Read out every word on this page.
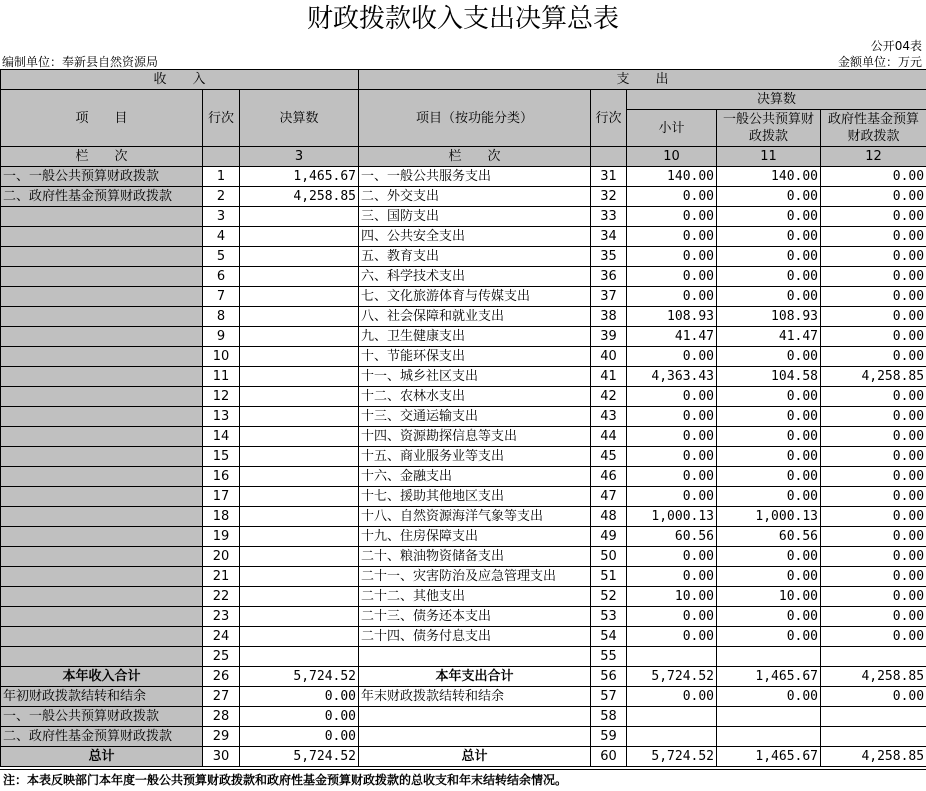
财政拨款收入支出决算总表
公开04表
编制单位：奉新县自然资源局	金额单位：万元
收　　入			支　　出				
项　　目	行次	决算数	项目（按功能分类）	行次	决算数		
					小计	一般公共预算财政拨款	政府性基金预算财政拨款
栏　　次		3	栏　　次		10	11	12
一、一般公共预算财政拨款	1	1,465.67	一、一般公共服务支出	31	140.00	140.00	0.00
二、政府性基金预算财政拨款	2	4,258.85	二、外交支出	32	0.00	0.00	0.00
	3		三、国防支出	33	0.00	0.00	0.00
	4		四、公共安全支出	34	0.00	0.00	0.00
	5		五、教育支出	35	0.00	0.00	0.00
	6		六、科学技术支出	36	0.00	0.00	0.00
	7		七、文化旅游体育与传媒支出	37	0.00	0.00	0.00
	8		八、社会保障和就业支出	38	108.93	108.93	0.00
	9		九、卫生健康支出	39	41.47	41.47	0.00
	10		十、节能环保支出	40	0.00	0.00	0.00
	11		十一、城乡社区支出	41	4,363.43	104.58	4,258.85
	12		十二、农林水支出	42	0.00	0.00	0.00
	13		十三、交通运输支出	43	0.00	0.00	0.00
	14		十四、资源勘探信息等支出	44	0.00	0.00	0.00
	15		十五、商业服务业等支出	45	0.00	0.00	0.00
	16		十六、金融支出	46	0.00	0.00	0.00
	17		十七、援助其他地区支出	47	0.00	0.00	0.00
	18		十八、自然资源海洋气象等支出	48	1,000.13	1,000.13	0.00
	19		十九、住房保障支出	49	60.56	60.56	0.00
	20		二十、粮油物资储备支出	50	0.00	0.00	0.00
	21		二十一、灾害防治及应急管理支出	51	0.00	0.00	0.00
	22		二十二、其他支出	52	10.00	10.00	0.00
	23		二十三、债务还本支出	53	0.00	0.00	0.00
	24		二十四、债务付息支出	54	0.00	0.00	0.00
	25			55			
本年收入合计	26	5,724.52	本年支出合计	56	5,724.52	1,465.67	4,258.85
年初财政拨款结转和结余	27	0.00	年末财政拨款结转和结余	57	0.00	0.00	0.00
一、一般公共预算财政拨款	28	0.00		58			
二、政府性基金预算财政拨款	29	0.00		59			
总计	30	5,724.52	总计	60	5,724.52	1,465.67	4,258.85
注：本表反映部门本年度一般公共预算财政拨款和政府性基金预算财政拨款的总收支和年末结转结余情况。
